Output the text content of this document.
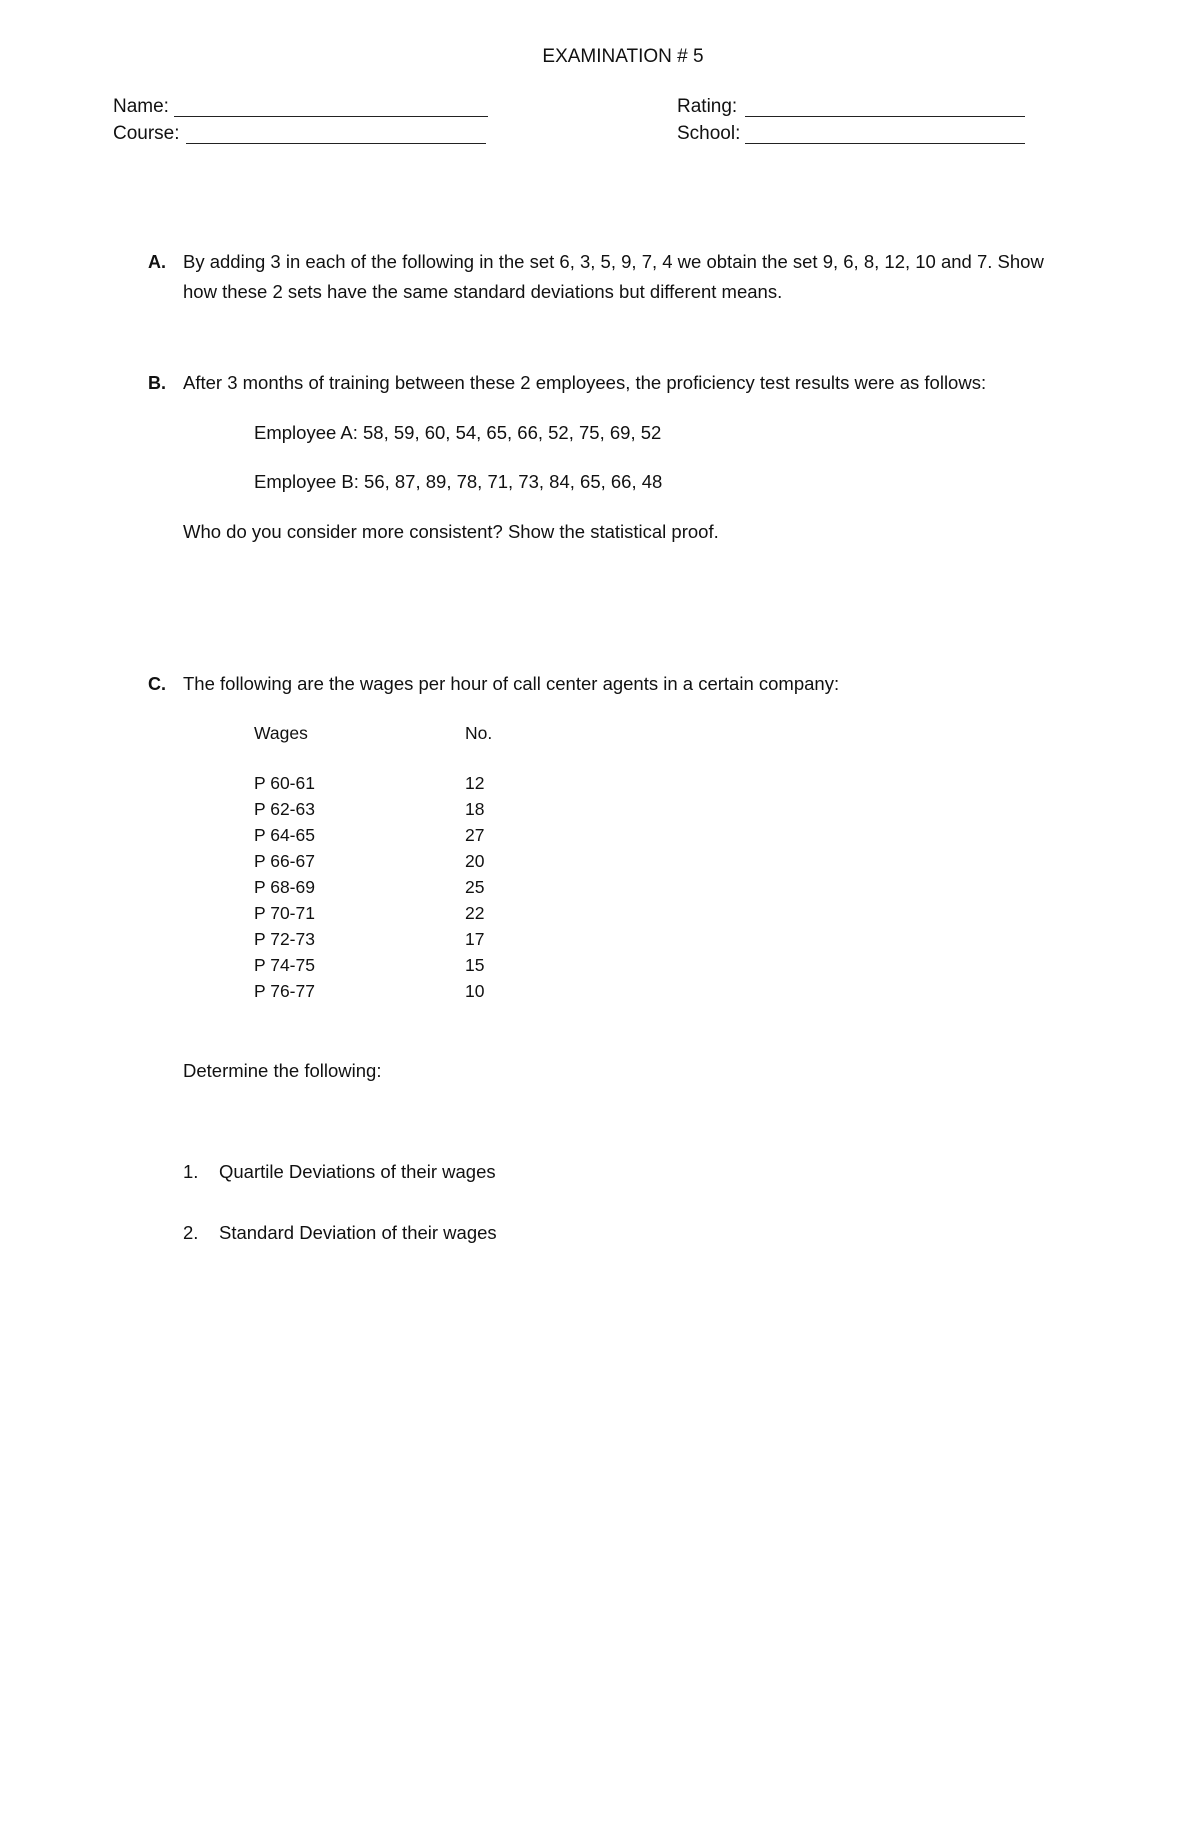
EXAMINATION # 5
Name:
Course:
Rating:
School:
A. By adding 3 in each of the following in the set 6, 3, 5, 9, 7, 4 we obtain the set 9, 6, 8, 12, 10 and 7. Show
how these 2 sets have the same standard deviations but different means.
B. After 3 months of training between these 2 employees, the proficiency test results were as follows:
Employee A: 58, 59, 60, 54, 65, 66, 52, 75, 69, 52
Employee B: 56, 87, 89, 78, 71, 73, 84, 65, 66, 48
Who do you consider more consistent? Show the statistical proof.
C. The following are the wages per hour of call center agents in a certain company:
Wages	No.
P 60-61	12
P 62-63	18
P 64-65	27
P 66-67	20
P 68-69	25
P 70-71	22
P 72-73	17
P 74-75	15
P 76-77	10
Determine the following:
1. Quartile Deviations of their wages
2. Standard Deviation of their wages
